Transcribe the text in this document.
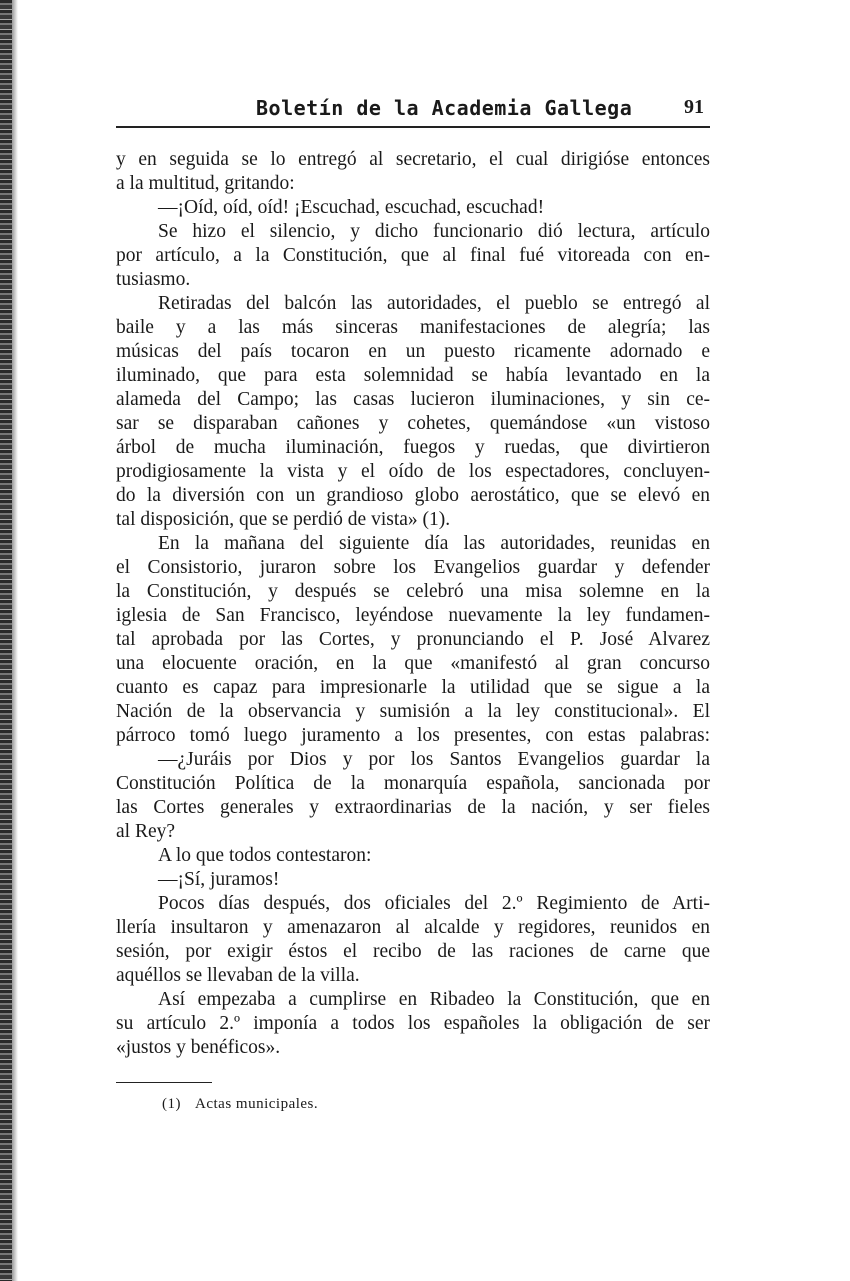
Boletín de la Academia Gallega	91
y en seguida se lo entregó al secretario, el cual dirigióse entonces
a la multitud, gritando:
—¡Oíd, oíd, oíd! ¡Escuchad, escuchad, escuchad!
Se hizo el silencio, y dicho funcionario dió lectura, artículo
por artículo, a la Constitución, que al final fué vitoreada con en-
tusiasmo.
Retiradas del balcón las autoridades, el pueblo se entregó al
baile y a las más sinceras manifestaciones de alegría; las
músicas del país tocaron en un puesto ricamente adornado e
iluminado, que para esta solemnidad se había levantado en la
alameda del Campo; las casas lucieron iluminaciones, y sin ce-
sar se disparaban cañones y cohetes, quemándose «un vistoso
árbol de mucha iluminación, fuegos y ruedas, que divirtieron
prodigiosamente la vista y el oído de los espectadores, concluyen-
do la diversión con un grandioso globo aerostático, que se elevó en
tal disposición, que se perdió de vista» (1).
En la mañana del siguiente día las autoridades, reunidas en
el Consistorio, juraron sobre los Evangelios guardar y defender
la Constitución, y después se celebró una misa solemne en la
iglesia de San Francisco, leyéndose nuevamente la ley fundamen-
tal aprobada por las Cortes, y pronunciando el P. José Alvarez
una elocuente oración, en la que «manifestó al gran concurso
cuanto es capaz para impresionarle la utilidad que se sigue a la
Nación de la observancia y sumisión a la ley constitucional». El
párroco tomó luego juramento a los presentes, con estas palabras:
—¿Juráis por Dios y por los Santos Evangelios guardar la
Constitución Política de la monarquía española, sancionada por
las Cortes generales y extraordinarias de la nación, y ser fieles
al Rey?
A lo que todos contestaron:
—¡Sí, juramos!
Pocos días después, dos oficiales del 2.º Regimiento de Arti-
llería insultaron y amenazaron al alcalde y regidores, reunidos en
sesión, por exigir éstos el recibo de las raciones de carne que
aquéllos se llevaban de la villa.
Así empezaba a cumplirse en Ribadeo la Constitución, que en
su artículo 2.º imponía a todos los españoles la obligación de ser
«justos y benéficos».
(1) Actas municipales.
